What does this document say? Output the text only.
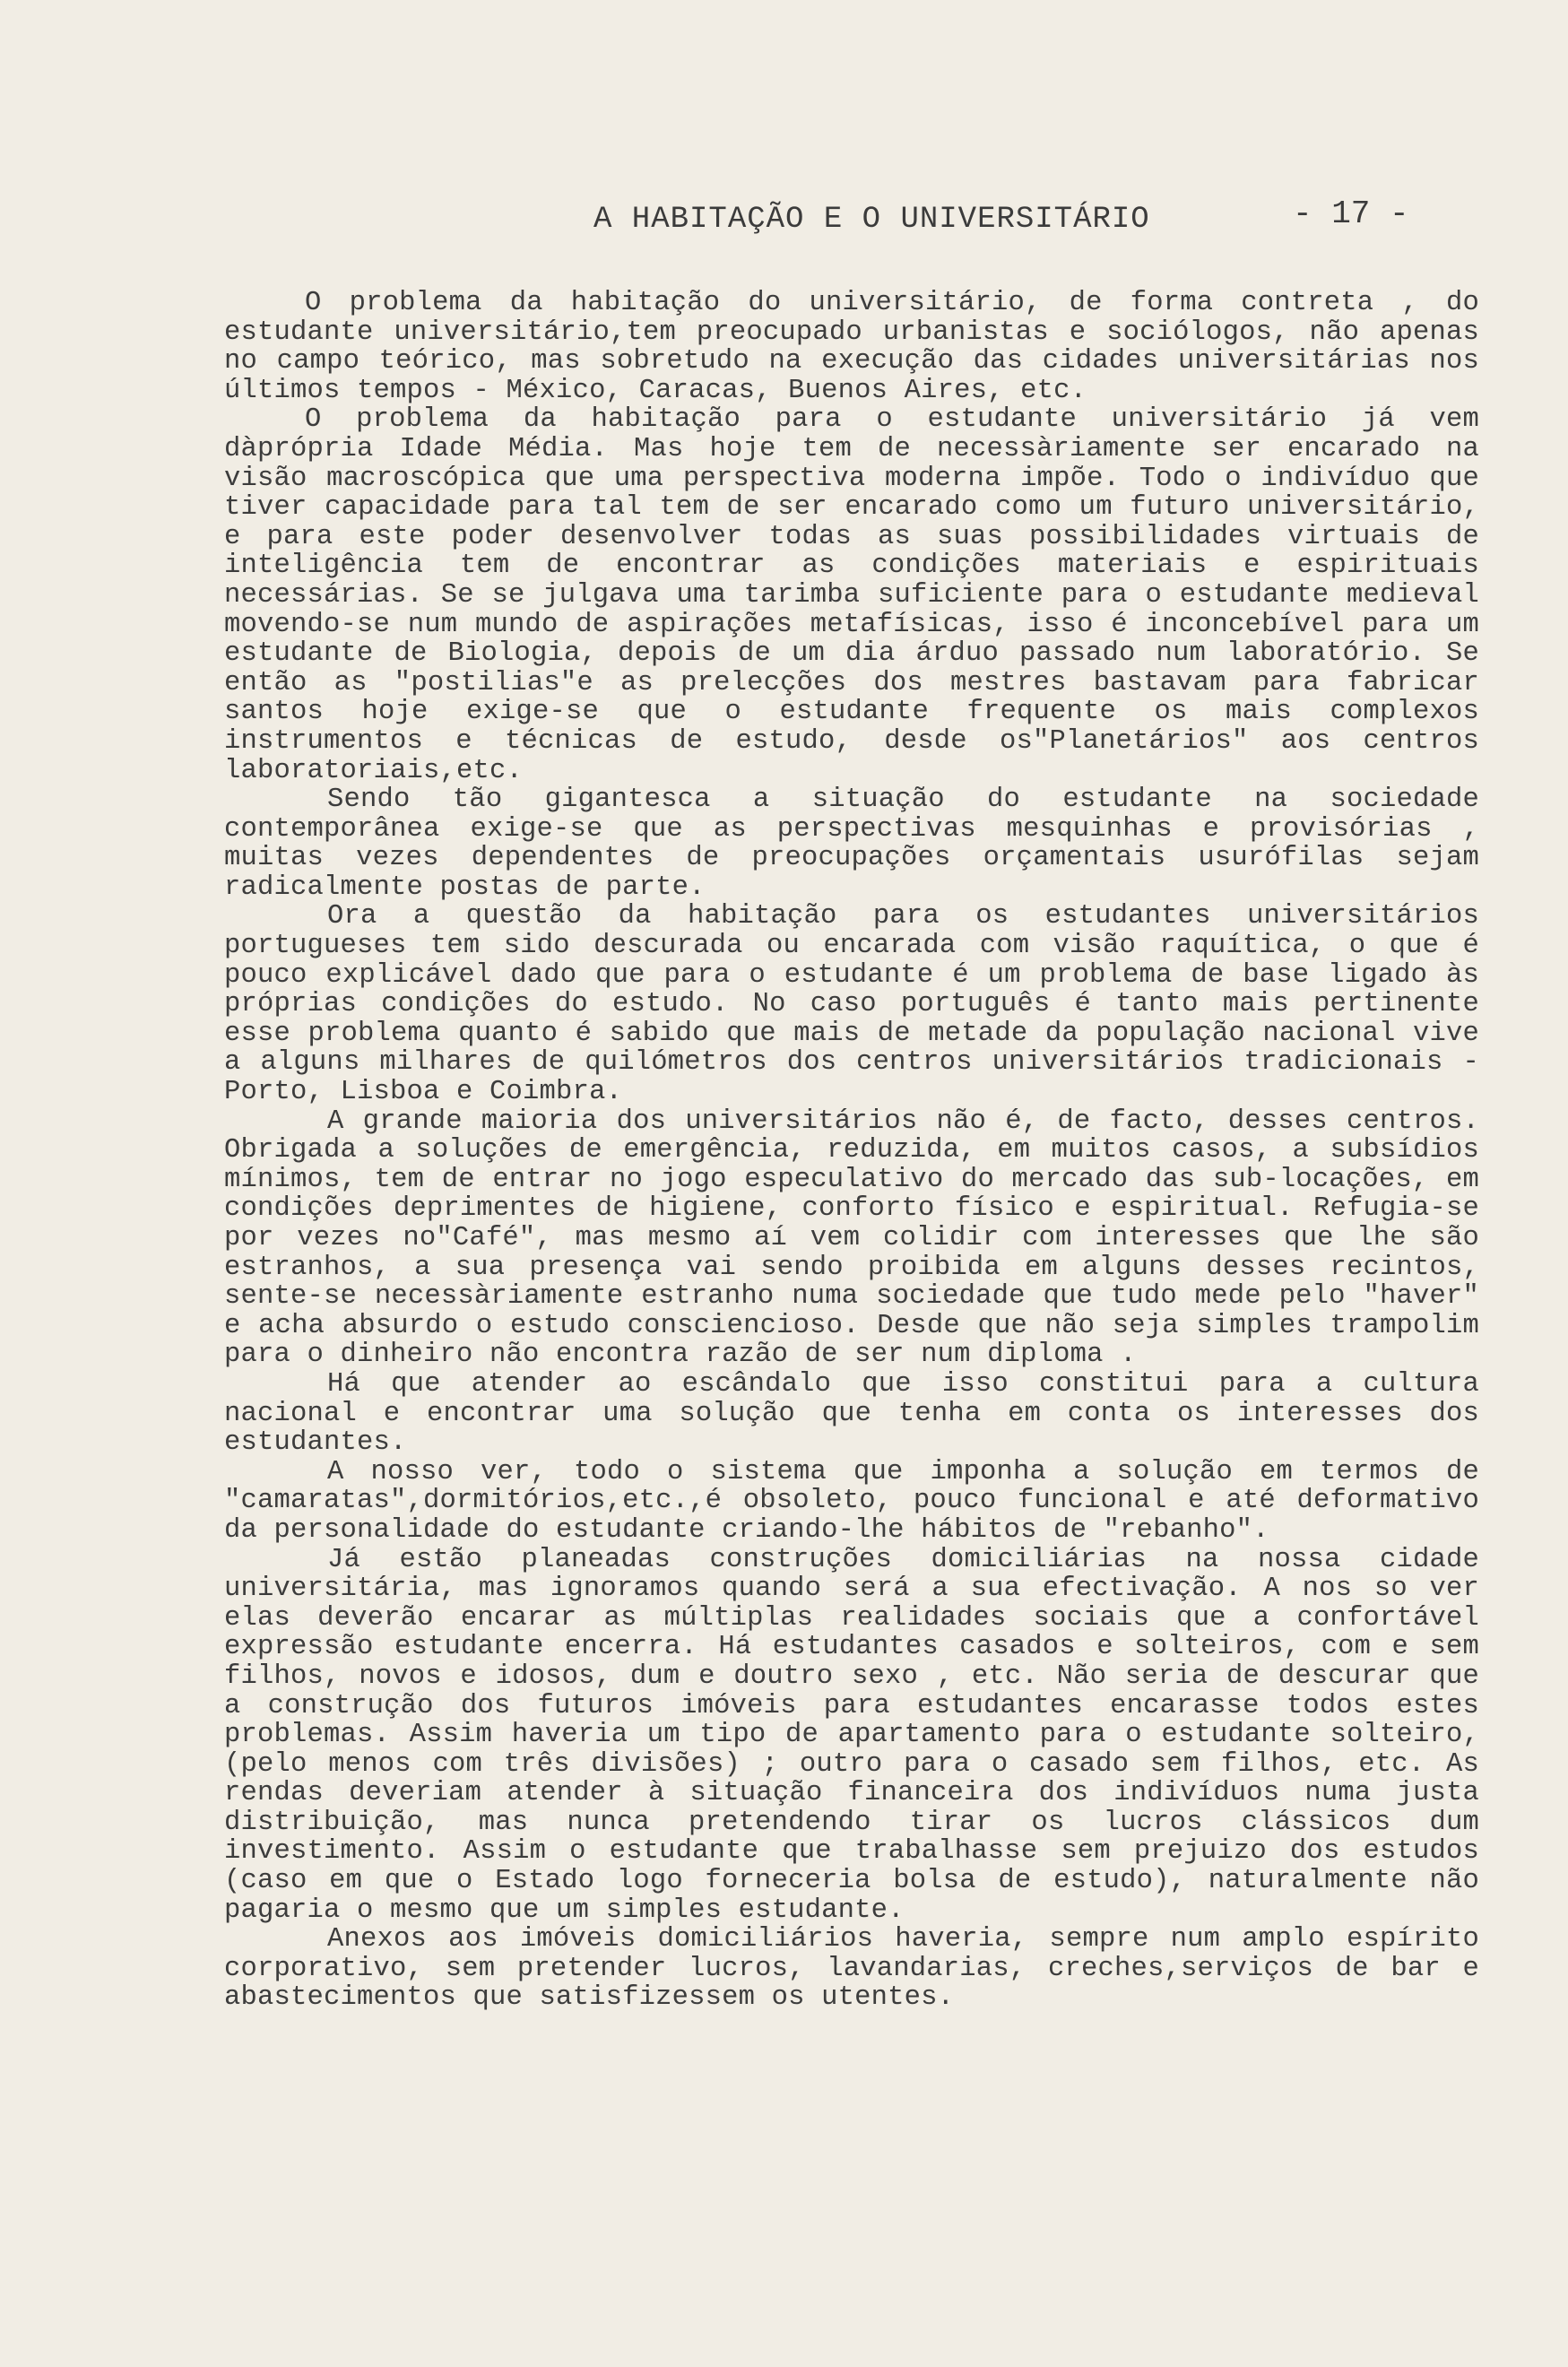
A HABITAÇÃO E O UNIVERSITÁRIO	- 17 -

O problema da habitação do universitário, de forma contreta , do estudante universitário,tem preocupado urbanistas e sociólogos, não apenas no campo teórico, mas sobretudo na execução das cidades universitárias nos últimos tempos - México, Caracas, Buenos Aires, etc.

O problema da habitação para o estudante universitário já vem dàprópria Idade Média. Mas hoje tem de necessàriamente ser encarado na visão macroscópica que uma perspectiva moderna impõe. Todo o indivíduo que tiver capacidade para tal tem de ser encarado como um futuro universitário, e para este poder desenvolver todas as suas possibilidades virtuais de inteligência tem de encontrar as condições materiais e espirituais necessárias. Se se julgava uma tarimba suficiente para o estudante medieval movendo-se num mundo de aspirações metafísicas, isso é inconcebível para um estudante de Biologia, depois de um dia árduo passado num laboratório. Se então as "postilias"e as prelecções dos mestres bastavam para fabricar santos hoje exige-se que o estudante frequente os mais complexos instrumentos e técnicas de estudo, desde os"Planetários" aos centros laboratoriais,etc.

Sendo tão gigantesca a situação do estudante na sociedade contemporânea exige-se que as perspectivas mesquinhas e provisórias , muitas vezes dependentes de preocupações orçamentais usurófilas sejam radicalmente postas de parte.

Ora a questão da habitação para os estudantes universitários portugueses tem sido descurada ou encarada com visão raquítica, o que é pouco explicável dado que para o estudante é um problema de base ligado às próprias condições do estudo. No caso português é tanto mais pertinente esse problema quanto é sabido que mais de metade da população nacional vive a alguns milhares de quilómetros dos centros universitários tradicionais - Porto, Lisboa e Coimbra.

A grande maioria dos universitários não é, de facto, desses centros. Obrigada a soluções de emergência, reduzida, em muitos casos, a subsídios mínimos, tem de entrar no jogo especulativo do mercado das sub-locações, em condições deprimentes de higiene, conforto físico e espiritual. Refugia-se por vezes no"Café", mas mesmo aí vem colidir com interesses que lhe são estranhos, a sua presença vai sendo proibida em alguns desses recintos, sente-se necessàriamente estranho numa sociedade que tudo mede pelo "haver" e acha absurdo o estudo consciencioso. Desde que não seja simples trampolim para o dinheiro não encontra razão de ser num diploma .

Há que atender ao escândalo que isso constitui para a cultura nacional e encontrar uma solução que tenha em conta os interesses dos estudantes.

A nosso ver, todo o sistema que imponha a solução em termos de "camaratas",dormitórios,etc.,é obsoleto, pouco funcional e até deformativo da personalidade do estudante criando-lhe hábitos de "rebanho".

Já estão planeadas construções domiciliárias na nossa cidade universitária, mas ignoramos quando será a sua efectivação. A nos so ver elas deverão encarar as múltiplas realidades sociais que a confortável expressão estudante encerra. Há estudantes casados e solteiros, com e sem filhos, novos e idosos, dum e doutro sexo , etc. Não seria de descurar que a construção dos futuros imóveis para estudantes encarasse todos estes problemas. Assim haveria um tipo de apartamento para o estudante solteiro, (pelo menos com três divisões) ; outro para o casado sem filhos, etc. As rendas deveriam atender à situação financeira dos indivíduos numa justa distribuição, mas nunca pretendendo tirar os lucros clássicos dum investimento. Assim o estudante que trabalhasse sem prejuizo dos estudos (caso em que o Estado logo forneceria bolsa de estudo), naturalmente não pagaria o mesmo que um simples estudante.

Anexos aos imóveis domiciliários haveria, sempre num amplo espírito corporativo, sem pretender lucros, lavandarias, creches,serviços de bar e abastecimentos que satisfizessem os utentes.
